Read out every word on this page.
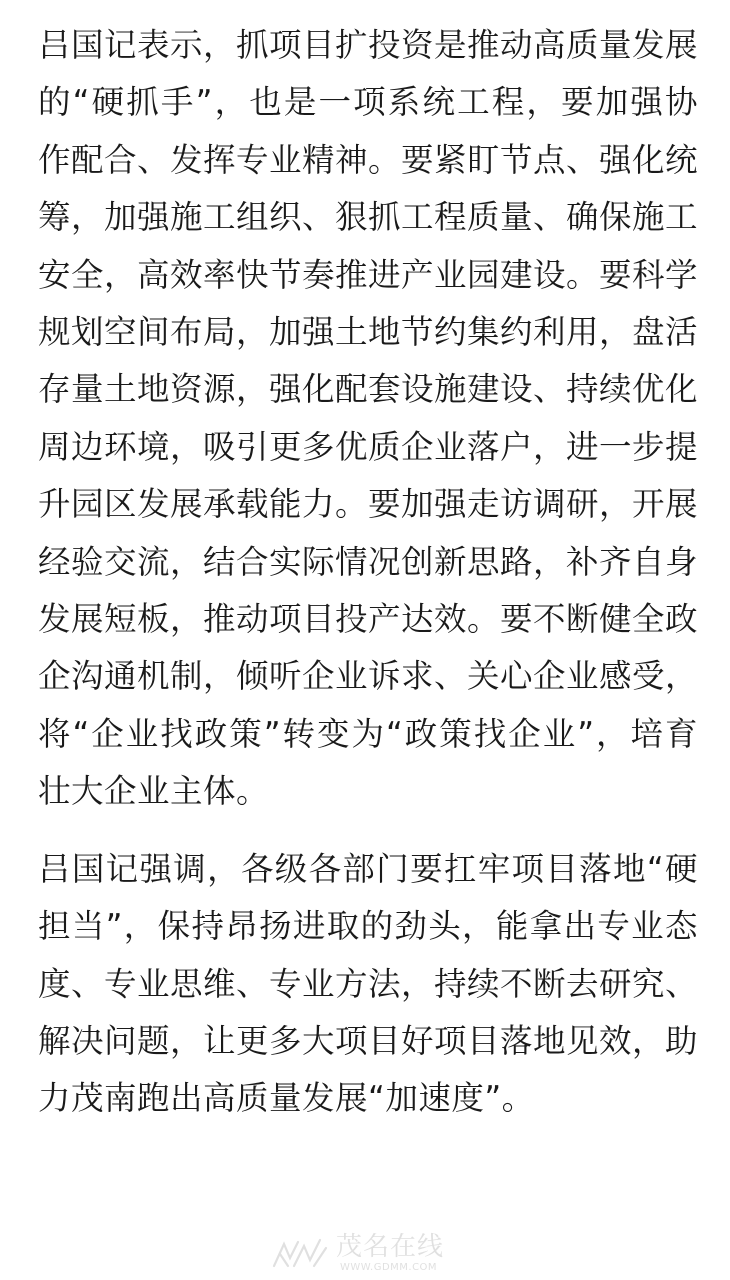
吕国记表示，抓项目扩投资是推动高质量发展的“硬抓手”，也是一项系统工程，要加强协作配合、发挥专业精神。要紧盯节点、强化统筹，加强施工组织、狠抓工程质量、确保施工安全，高效率快节奏推进产业园建设。要科学规划空间布局，加强土地节约集约利用，盘活存量土地资源，强化配套设施建设、持续优化周边环境，吸引更多优质企业落户，进一步提升园区发展承载能力。要加强走访调研，开展经验交流，结合实际情况创新思路，补齐自身发展短板，推动项目投产达效。要不断健全政企沟通机制，倾听企业诉求、关心企业感受，将“企业找政策”转变为“政策找企业”，培育壮大企业主体。

吕国记强调，各级各部门要扛牢项目落地“硬担当”，保持昂扬进取的劲头，能拿出专业态度、专业思维、专业方法，持续不断去研究、解决问题，让更多大项目好项目落地见效，助力茂南跑出高质量发展“加速度”。

茂名在线
WWW.GDMM.COM
